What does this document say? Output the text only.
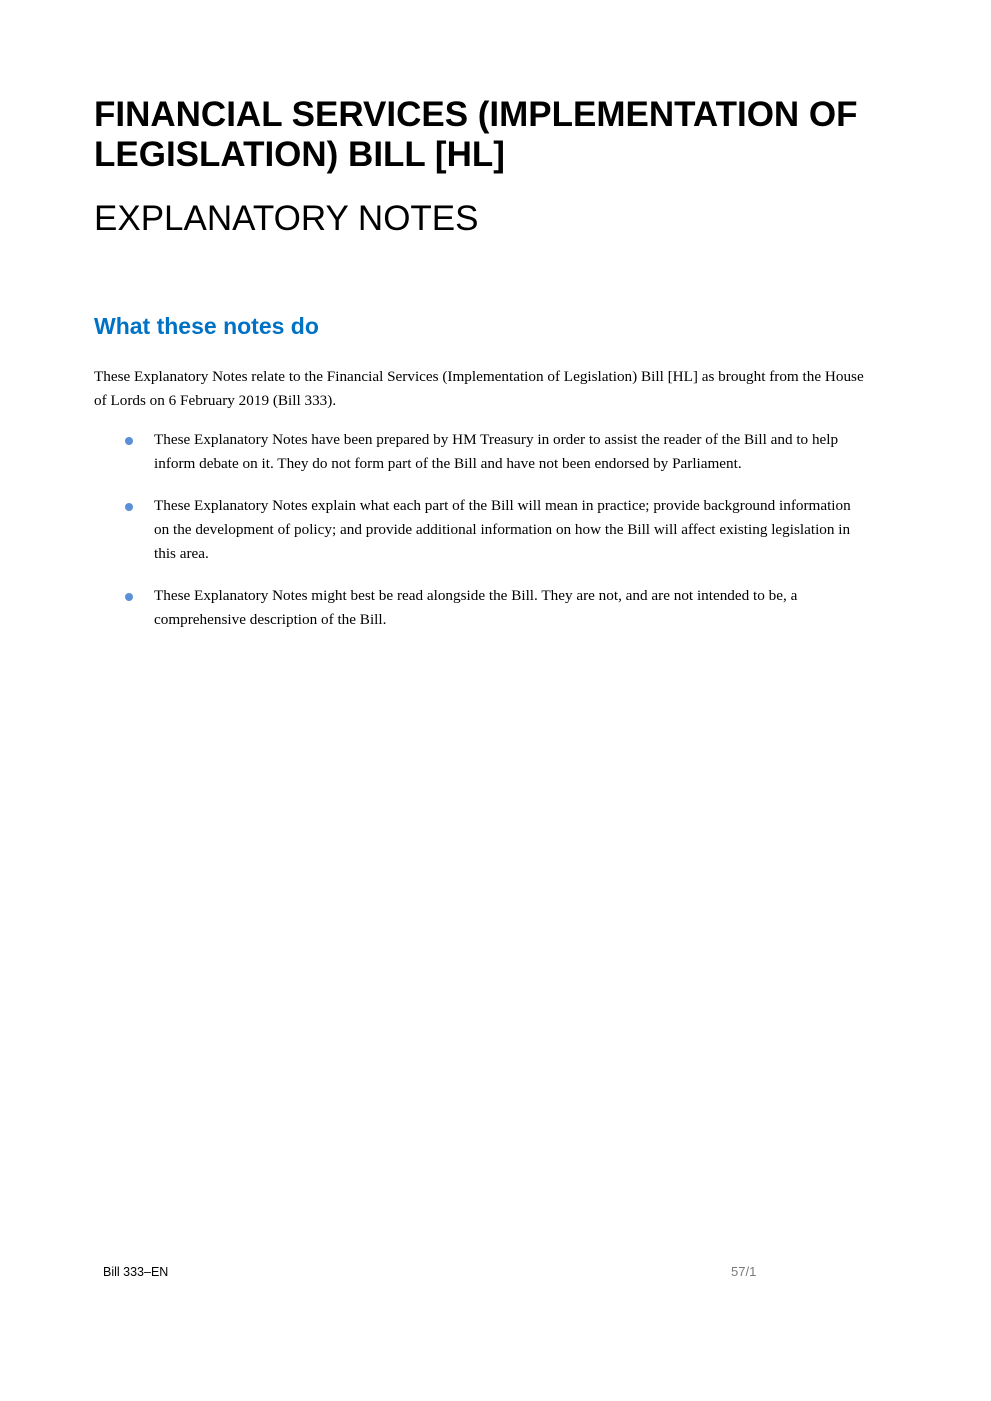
FINANCIAL SERVICES (IMPLEMENTATION OF LEGISLATION) BILL [HL]
EXPLANATORY NOTES
What these notes do

These Explanatory Notes relate to the Financial Services (Implementation of Legislation) Bill [HL] as brought from the House of Lords on 6 February 2019 (Bill 333).

These Explanatory Notes have been prepared by HM Treasury in order to assist the reader of the Bill and to help inform debate on it. They do not form part of the Bill and have not been endorsed by Parliament.
These Explanatory Notes explain what each part of the Bill will mean in practice; provide background information on the development of policy; and provide additional information on how the Bill will affect existing legislation in this area.
These Explanatory Notes might best be read alongside the Bill. They are not, and are not intended to be, a comprehensive description of the Bill.
Bill 333–EN	57/1
